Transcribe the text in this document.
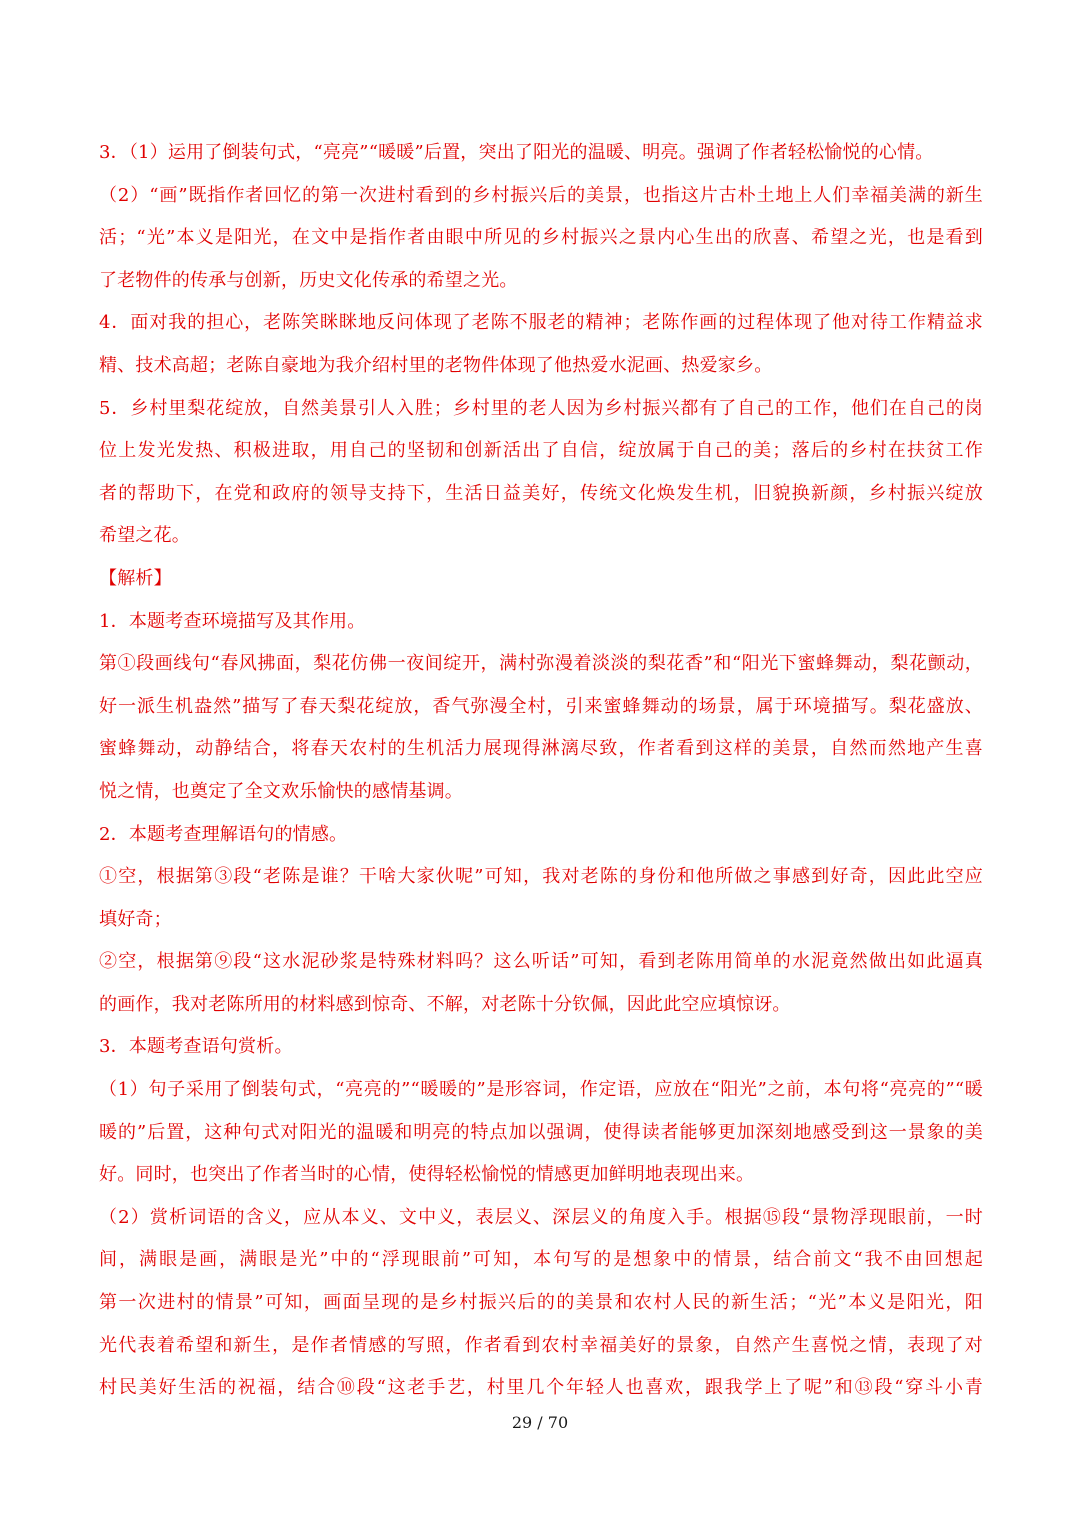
3．（1）运用了倒装句式，“亮亮”“暖暖”后置，突出了阳光的温暖、明亮。强调了作者轻松愉悦的心情。
（2）“画”既指作者回忆的第一次进村看到的乡村振兴后的美景，也指这片古朴土地上人们幸福美满的新生
活；“光”本义是阳光，在文中是指作者由眼中所见的乡村振兴之景内心生出的欣喜、希望之光，也是看到
了老物件的传承与创新，历史文化传承的希望之光。
4．面对我的担心，老陈笑眯眯地反问体现了老陈不服老的精神；老陈作画的过程体现了他对待工作精益求
精、技术高超；老陈自豪地为我介绍村里的老物件体现了他热爱水泥画、热爱家乡。
5．乡村里梨花绽放，自然美景引人入胜；乡村里的老人因为乡村振兴都有了自己的工作，他们在自己的岗
位上发光发热、积极进取，用自己的坚韧和创新活出了自信，绽放属于自己的美；落后的乡村在扶贫工作
者的帮助下，在党和政府的领导支持下，生活日益美好，传统文化焕发生机，旧貌换新颜，乡村振兴绽放
希望之花。
【解析】
1．本题考查环境描写及其作用。
第①段画线句“春风拂面，梨花仿佛一夜间绽开，满村弥漫着淡淡的梨花香”和“阳光下蜜蜂舞动，梨花颤动，
好一派生机盎然”描写了春天梨花绽放，香气弥漫全村，引来蜜蜂舞动的场景，属于环境描写。梨花盛放、
蜜蜂舞动，动静结合，将春天农村的生机活力展现得淋漓尽致，作者看到这样的美景，自然而然地产生喜
悦之情，也奠定了全文欢乐愉快的感情基调。
2．本题考查理解语句的情感。
①空，根据第③段“老陈是谁？干啥大家伙呢”可知，我对老陈的身份和他所做之事感到好奇，因此此空应
填好奇；
②空，根据第⑨段“这水泥砂浆是特殊材料吗？这么听话”可知，看到老陈用简单的水泥竟然做出如此逼真
的画作，我对老陈所用的材料感到惊奇、不解，对老陈十分钦佩，因此此空应填惊讶。
3．本题考查语句赏析。
（1）句子采用了倒装句式，“亮亮的”“暖暖的”是形容词，作定语，应放在“阳光”之前，本句将“亮亮的”“暖
暖的”后置，这种句式对阳光的温暖和明亮的特点加以强调，使得读者能够更加深刻地感受到这一景象的美
好。同时，也突出了作者当时的心情，使得轻松愉悦的情感更加鲜明地表现出来。
（2）赏析词语的含义，应从本义、文中义，表层义、深层义的角度入手。根据⑮段“景物浮现眼前，一时
间，满眼是画，满眼是光”中的“浮现眼前”可知，本句写的是想象中的情景，结合前文“我不由回想起
第一次进村的情景”可知，画面呈现的是乡村振兴后的的美景和农村人民的新生活；“光”本义是阳光，阳
光代表着希望和新生，是作者情感的写照，作者看到农村幸福美好的景象，自然产生喜悦之情，表现了对
村民美好生活的祝福，结合⑩段“这老手艺，村里几个年轻人也喜欢，跟我学上了呢”和⑬段“穿斗小青
29 / 70
